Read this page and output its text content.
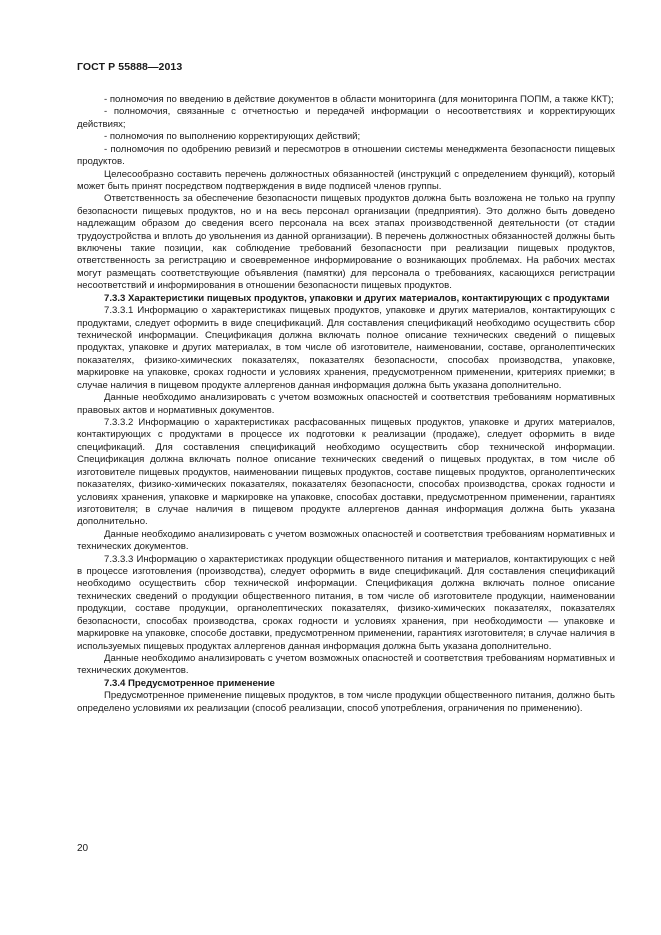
ГОСТ Р 55888—2013

- полномочия по введению в действие документов в области мониторинга (для мониторинга ПОПМ, а также ККТ);

- полномочия, связанные с отчетностью и передачей информации о несоответствиях и корректирующих действиях;

- полномочия по выполнению корректирующих действий;

- полномочия по одобрению ревизий и пересмотров в отношении системы менеджмента безопасности пищевых продуктов.

Целесообразно составить перечень должностных обязанностей (инструкций с определением функций), который может быть принят посредством подтверждения в виде подписей членов группы.

Ответственность за обеспечение безопасности пищевых продуктов должна быть возложена не только на группу безопасности пищевых продуктов, но и на весь персонал организации (предприятия). Это должно быть доведено надлежащим образом до сведения всего персонала на всех этапах производственной деятельности (от стадии трудоустройства и вплоть до увольнения из данной организации). В перечень должностных обязанностей должны быть включены такие позиции, как соблюдение требований безопасности при реализации пищевых продуктов, ответственность за регистрацию и своевременное информирование о возникающих проблемах. На рабочих местах могут размещать соответствующие объявления (памятки) для персонала о требованиях, касающихся регистрации несоответствий и информирования в отношении безопасности пищевых продуктов.

7.3.3 Характеристики пищевых продуктов, упаковки и других материалов, контактирующих с продуктами

7.3.3.1 Информацию о характеристиках пищевых продуктов, упаковке и других материалов, контактирующих с продуктами, следует оформить в виде спецификаций. Для составления спецификаций необходимо осуществить сбор технической информации. Спецификация должна включать полное описание технических сведений о пищевых продуктах, упаковке и других материалах, в том числе об изготовителе, наименовании, составе, органолептических показателях, физико-химических показателях, показателях безопасности, способах производства, упаковке, маркировке на упаковке, сроках годности и условиях хранения, предусмотренном применении, критериях приемки; в случае наличия в пищевом продукте аллергенов данная информация должна быть указана дополнительно.

Данные необходимо анализировать с учетом возможных опасностей и соответствия требованиям нормативных правовых актов и нормативных документов.

7.3.3.2 Информацию о характеристиках расфасованных пищевых продуктов, упаковке и других материалов, контактирующих с продуктами в процессе их подготовки к реализации (продаже), следует оформить в виде спецификаций. Для составления спецификаций необходимо осуществить сбор технической информации. Спецификация должна включать полное описание технических сведений о пищевых продуктах, в том числе об изготовителе пищевых продуктов, наименовании пищевых продуктов, составе пищевых продуктов, органолептических показателях, физико-химических показателях, показателях безопасности, способах производства, сроках годности и условиях хранения, упаковке и маркировке на упаковке, способах доставки, предусмотренном применении, гарантиях изготовителя; в случае наличия в пищевом продукте аллергенов данная информация должна быть указана дополнительно.

Данные необходимо анализировать с учетом возможных опасностей и соответствия требованиям нормативных и технических документов.

7.3.3.3 Информацию о характеристиках продукции общественного питания и материалов, контактирующих с ней в процессе изготовления (производства), следует оформить в виде спецификаций. Для составления спецификаций необходимо осуществить сбор технической информации. Спецификация должна включать полное описание технических сведений о продукции общественного питания, в том числе об изготовителе продукции, наименовании продукции, составе продукции, органолептических показателях, физико-химических показателях, показателях безопасности, способах производства, сроках годности и условиях хранения, при необходимости — упаковке и маркировке на упаковке, способе доставки, предусмотренном применении, гарантиях изготовителя; в случае наличия в используемых пищевых продуктах аллергенов данная информация должна быть указана дополнительно.

Данные необходимо анализировать с учетом возможных опасностей и соответствия требованиям нормативных и технических документов.

7.3.4 Предусмотренное применение

Предусмотренное применение пищевых продуктов, в том числе продукции общественного питания, должно быть определено условиями их реализации (способ реализации, способ употребления, ограничения по применению).

20
